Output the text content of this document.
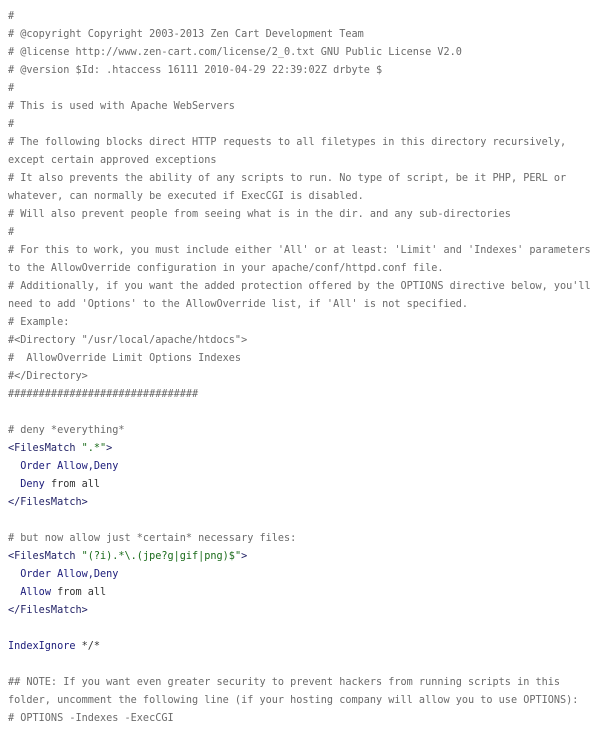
#
# @copyright Copyright 2003-2013 Zen Cart Development Team
# @license http://www.zen-cart.com/license/2_0.txt GNU Public License V2.0
# @version $Id: .htaccess 16111 2010-04-29 22:39:02Z drbyte $
#
# This is used with Apache WebServers
#
# The following blocks direct HTTP requests to all filetypes in this directory recursively,
except certain approved exceptions
# It also prevents the ability of any scripts to run. No type of script, be it PHP, PERL or
whatever, can normally be executed if ExecCGI is disabled.
# Will also prevent people from seeing what is in the dir. and any sub-directories
#
# For this to work, you must include either 'All' or at least: 'Limit' and 'Indexes' parameters
to the AllowOverride configuration in your apache/conf/httpd.conf file.
# Additionally, if you want the added protection offered by the OPTIONS directive below, you'll
need to add 'Options' to the AllowOverride list, if 'All' is not specified.
# Example:
#<Directory "/usr/local/apache/htdocs">
#  AllowOverride Limit Options Indexes
#</Directory>
###############################

# deny *everything*
<FilesMatch ".*">
Order Allow,Deny
Deny from all
</FilesMatch>

# but now allow just *certain* necessary files:
<FilesMatch "(?i).*\.(jpe?g|gif|png)$">
Order Allow,Deny
Allow from all
</FilesMatch>

IndexIgnore */*

## NOTE: If you want even greater security to prevent hackers from running scripts in this
folder, uncomment the following line (if your hosting company will allow you to use OPTIONS):
# OPTIONS -Indexes -ExecCGI
